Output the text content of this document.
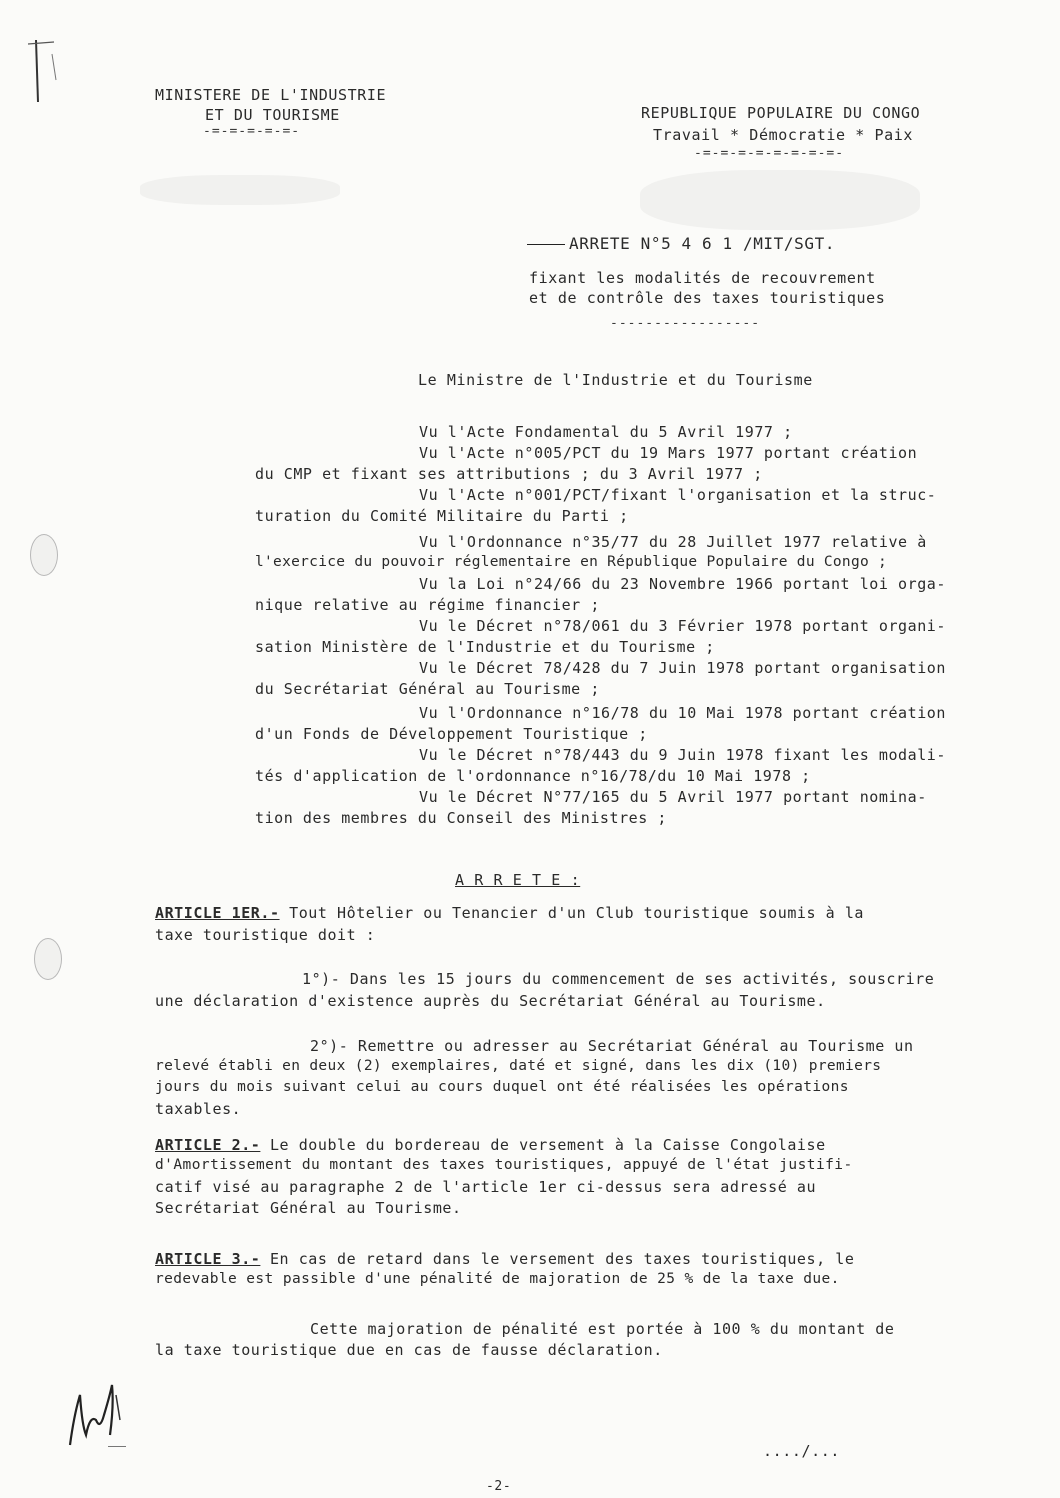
MINISTERE DE L'INDUSTRIE
ET DU TOURISME
-=-=-=-=-=-
REPUBLIQUE POPULAIRE DU CONGO
Travail * Démocratie * Paix
-=-=-=-=-=-=-=-=-
ARRETE N°5 4 6 1 /MIT/SGT.
fixant les modalités de recouvrement
et de contrôle des taxes touristiques
-----------------
Le Ministre de l'Industrie et du Tourisme
Vu l'Acte Fondamental du 5 Avril 1977 ;
Vu l'Acte n°005/PCT du 19 Mars 1977 portant création
du CMP et fixant ses attributions ; du 3 Avril 1977 ;
Vu l'Acte n°001/PCT/fixant l'organisation et la struc-
turation du Comité Militaire du Parti ;
Vu l'Ordonnance n°35/77 du 28 Juillet 1977 relative à
l'exercice du pouvoir réglementaire en République Populaire du Congo ;
Vu la Loi n°24/66 du 23 Novembre 1966 portant loi orga-
nique relative au régime financier ;
Vu le Décret n°78/061 du 3 Février 1978 portant organi-
sation Ministère de l'Industrie et du Tourisme ;
Vu le Décret 78/428 du 7 Juin 1978 portant organisation
du Secrétariat Général au Tourisme ;
Vu l'Ordonnance n°16/78 du 10 Mai 1978 portant création
d'un Fonds de Développement Touristique ;
Vu le Décret n°78/443 du 9 Juin 1978 fixant les modali-
tés d'application de l'ordonnance n°16/78/du 10 Mai 1978 ;
Vu le Décret N°77/165 du 5 Avril 1977 portant nomina-
tion des membres du Conseil des Ministres ;
A R R E T E :
ARTICLE 1ER.- Tout Hôtelier ou Tenancier d'un Club touristique soumis à la
taxe touristique doit :
1°)- Dans les 15 jours du commencement de ses activités, souscrire
une déclaration d'existence auprès du Secrétariat Général au Tourisme.
2°)- Remettre ou adresser au Secrétariat Général au Tourisme un
relevé établi en deux (2) exemplaires, daté et signé, dans les dix (10) premiers
jours du mois suivant celui au cours duquel ont été réalisées les opérations
taxables.
ARTICLE 2.- Le double du bordereau de versement à la Caisse Congolaise
d'Amortissement du montant des taxes touristiques, appuyé de l'état justifi-
catif visé au paragraphe 2 de l'article 1er ci-dessus sera adressé au
Secrétariat Général au Tourisme.
ARTICLE 3.- En cas de retard dans le versement des taxes touristiques, le
redevable est passible d'une pénalité de majoration de 25 % de la taxe due.
Cette majoration de pénalité est portée à 100 % du montant de
la taxe touristique due en cas de fausse déclaration.
-2-
..../...
